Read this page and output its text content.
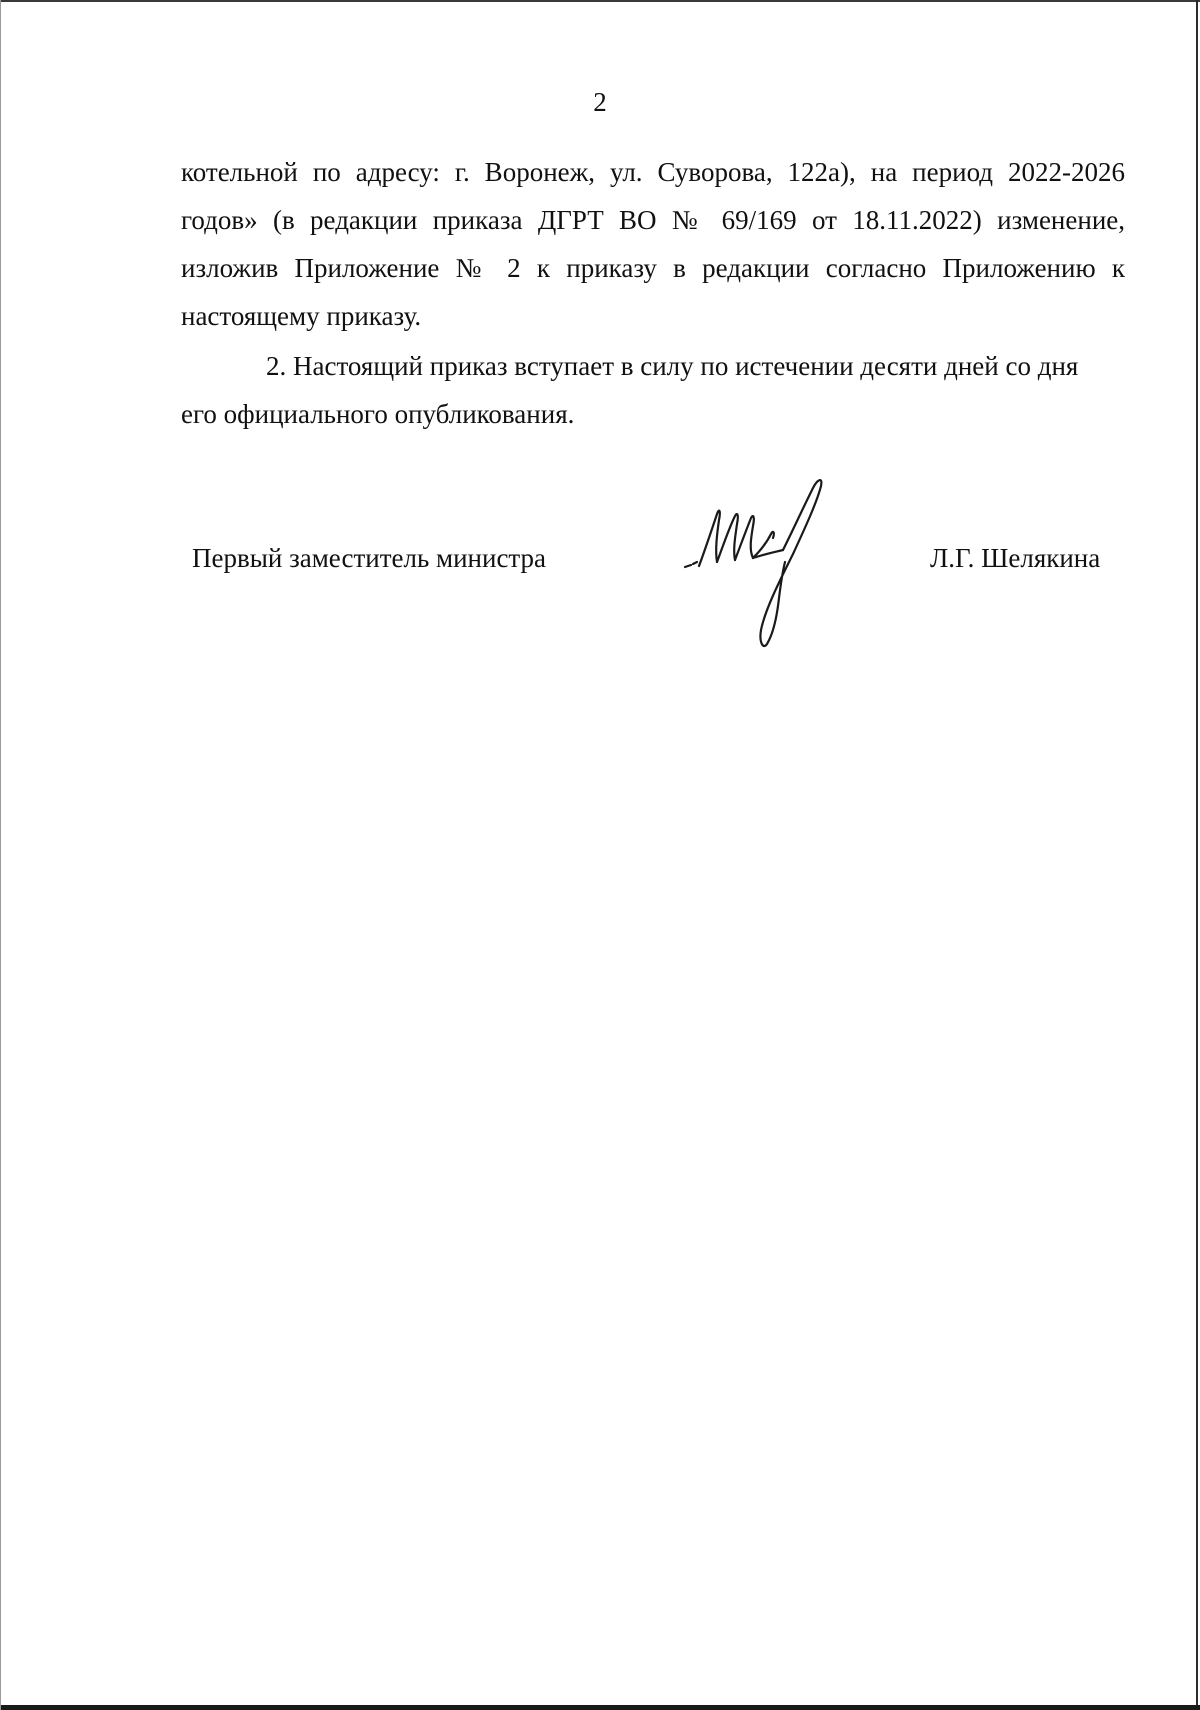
2
котельной по адресу: г. Воронеж, ул. Суворова, 122а), на период 2022-2026
годов» (в редакции приказа ДГРТ ВО № 69/169 от 18.11.2022) изменение,
изложив Приложение № 2 к приказу в редакции согласно Приложению к
настоящему приказу.
2. Настоящий приказ вступает в силу по истечении десяти дней со дня
его официального опубликования.
Первый заместитель министра	Л.Г. Шелякина
